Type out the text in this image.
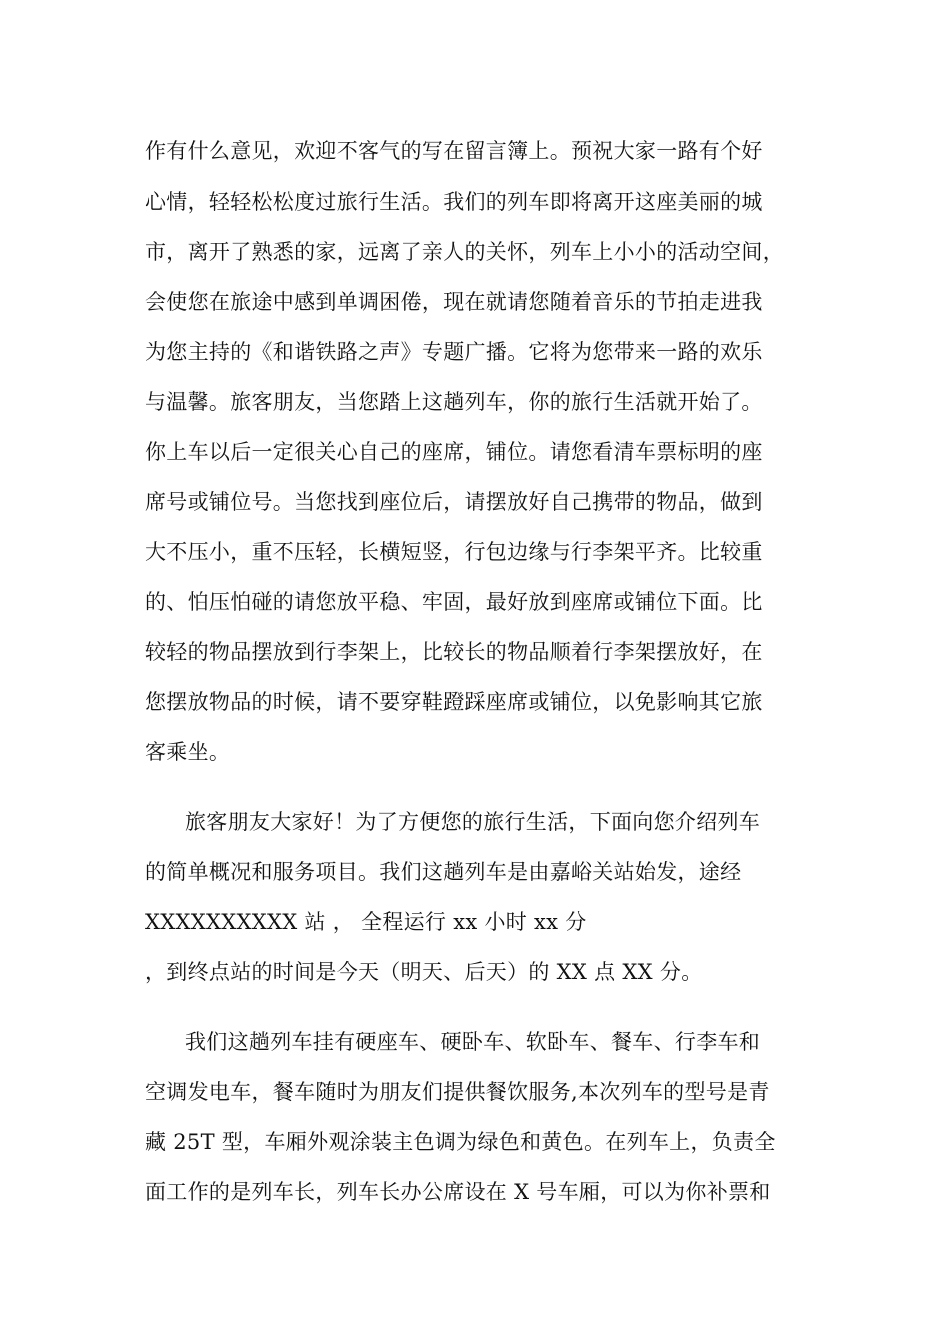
作有什么意见，欢迎不客气的写在留言簿上。预祝大家一路有个好
心情，轻轻松松度过旅行生活。我们的列车即将离开这座美丽的城
市，离开了熟悉的家，远离了亲人的关怀，列车上小小的活动空间，
会使您在旅途中感到单调困倦，现在就请您随着音乐的节拍走进我
为您主持的《和谐铁路之声》专题广播。它将为您带来一路的欢乐
与温馨。旅客朋友，当您踏上这趟列车，你的旅行生活就开始了。
你上车以后一定很关心自己的座席，铺位。请您看清车票标明的座
席号或铺位号。当您找到座位后，请摆放好自己携带的物品，做到
大不压小，重不压轻，长横短竖，行包边缘与行李架平齐。比较重
的、怕压怕碰的请您放平稳、牢固，最好放到座席或铺位下面。比
较轻的物品摆放到行李架上，比较长的物品顺着行李架摆放好，在
您摆放物品的时候，请不要穿鞋蹬踩座席或铺位，以免影响其它旅
客乘坐。
旅客朋友大家好！为了方便您的旅行生活，下面向您介绍列车
的简单概况和服务项目。我们这趟列车是由嘉峪关站始发，途经
XXXXXXXXXX 站 ， 全程运行 xx 小时 xx 分
，到终点站的时间是今天（明天、后天）的 XX 点 XX 分。
我们这趟列车挂有硬座车、硬卧车、软卧车、餐车、行李车和
空调发电车，餐车随时为朋友们提供餐饮服务,本次列车的型号是青
藏 25T 型，车厢外观涂装主色调为绿色和黄色。在列车上，负责全
面工作的是列车长，列车长办公席设在 X 号车厢，可以为你补票和
